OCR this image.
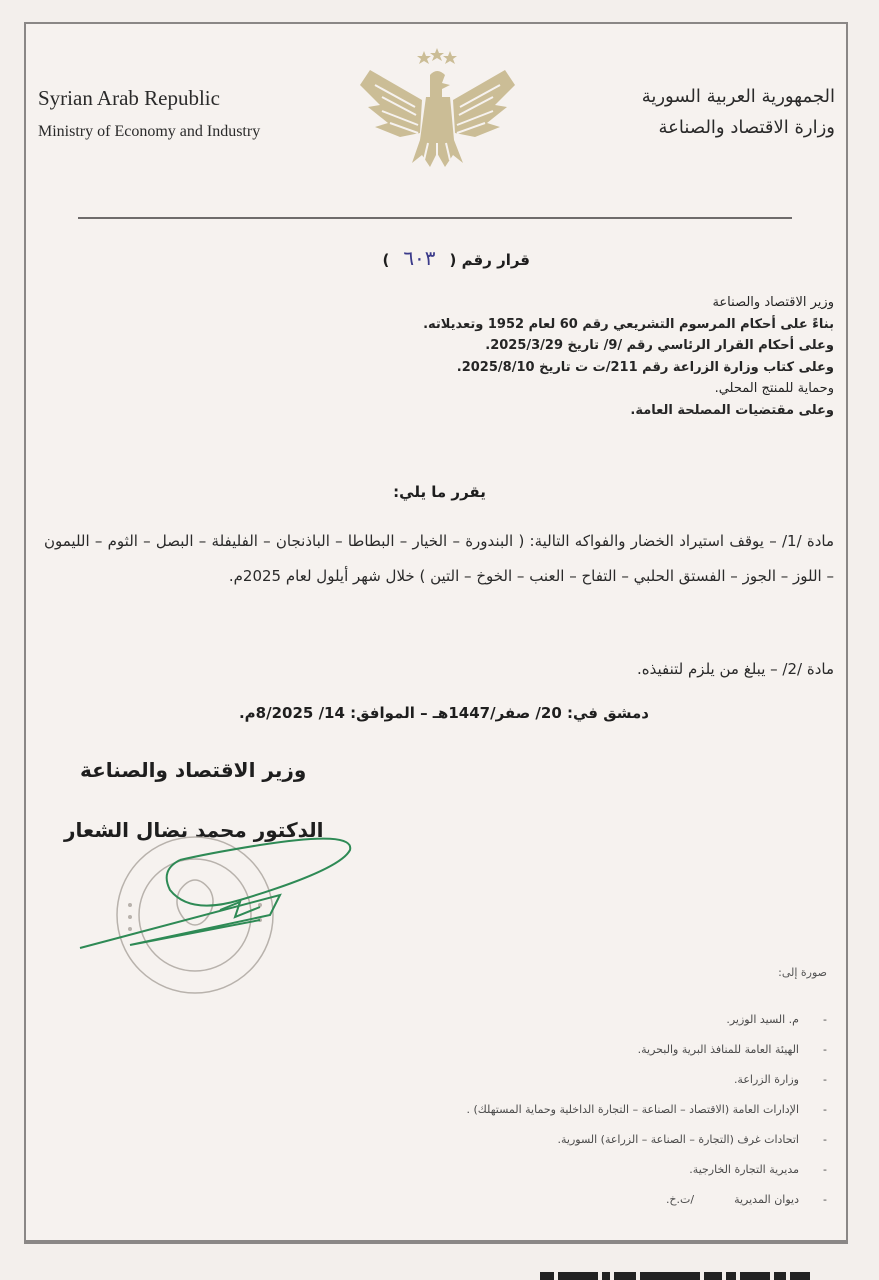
Syrian Arab Republic
Ministry of Economy and Industry
الجمهورية العربية السورية
وزارة الاقتصاد والصناعة
قرار رقم (٦٠٣)
وزير الاقتصاد والصناعة
بناءً على أحكام المرسوم التشريعي رقم 60 لعام 1952 وتعديلاته.
وعلى أحكام القرار الرئاسي رقم /9/ تاريخ 2025/3/29.
وعلى كتاب وزارة الزراعة رقم 211/ت ت تاريخ 2025/8/10.
وحماية للمنتج المحلي.
وعلى مقتضيات المصلحة العامة.
يقرر ما يلي:
مادة /1/ – يوقف استيراد الخضار والفواكه التالية: ( البندورة – الخيار – البطاطا – الباذنجان – الفليفلة – البصل – الثوم – الليمون – اللوز – الجوز – الفستق الحلبي – التفاح – العنب – الخوخ – التين ) خلال شهر أيلول لعام 2025م.
مادة /2/ – يبلغ من يلزم لتنفيذه.
دمشق في: 20/ صفر/1447هـ – الموافق: 14/ 8/2025م.
وزير الاقتصاد والصناعة
الدكتور محمد نضال الشعار
صورة إلى:
-م. السيد الوزير.
-الهيئة العامة للمنافذ البرية والبحرية.
-وزارة الزراعة.
-الإدارات العامة (الاقتصاد – الصناعة – التجارة الداخلية وحماية المستهلك) .
-اتحادات غرف (التجارة – الصناعة – الزراعة) السورية.
-مديرية التجارة الخارجية.
-ديوان المديرية/ت.خ.
